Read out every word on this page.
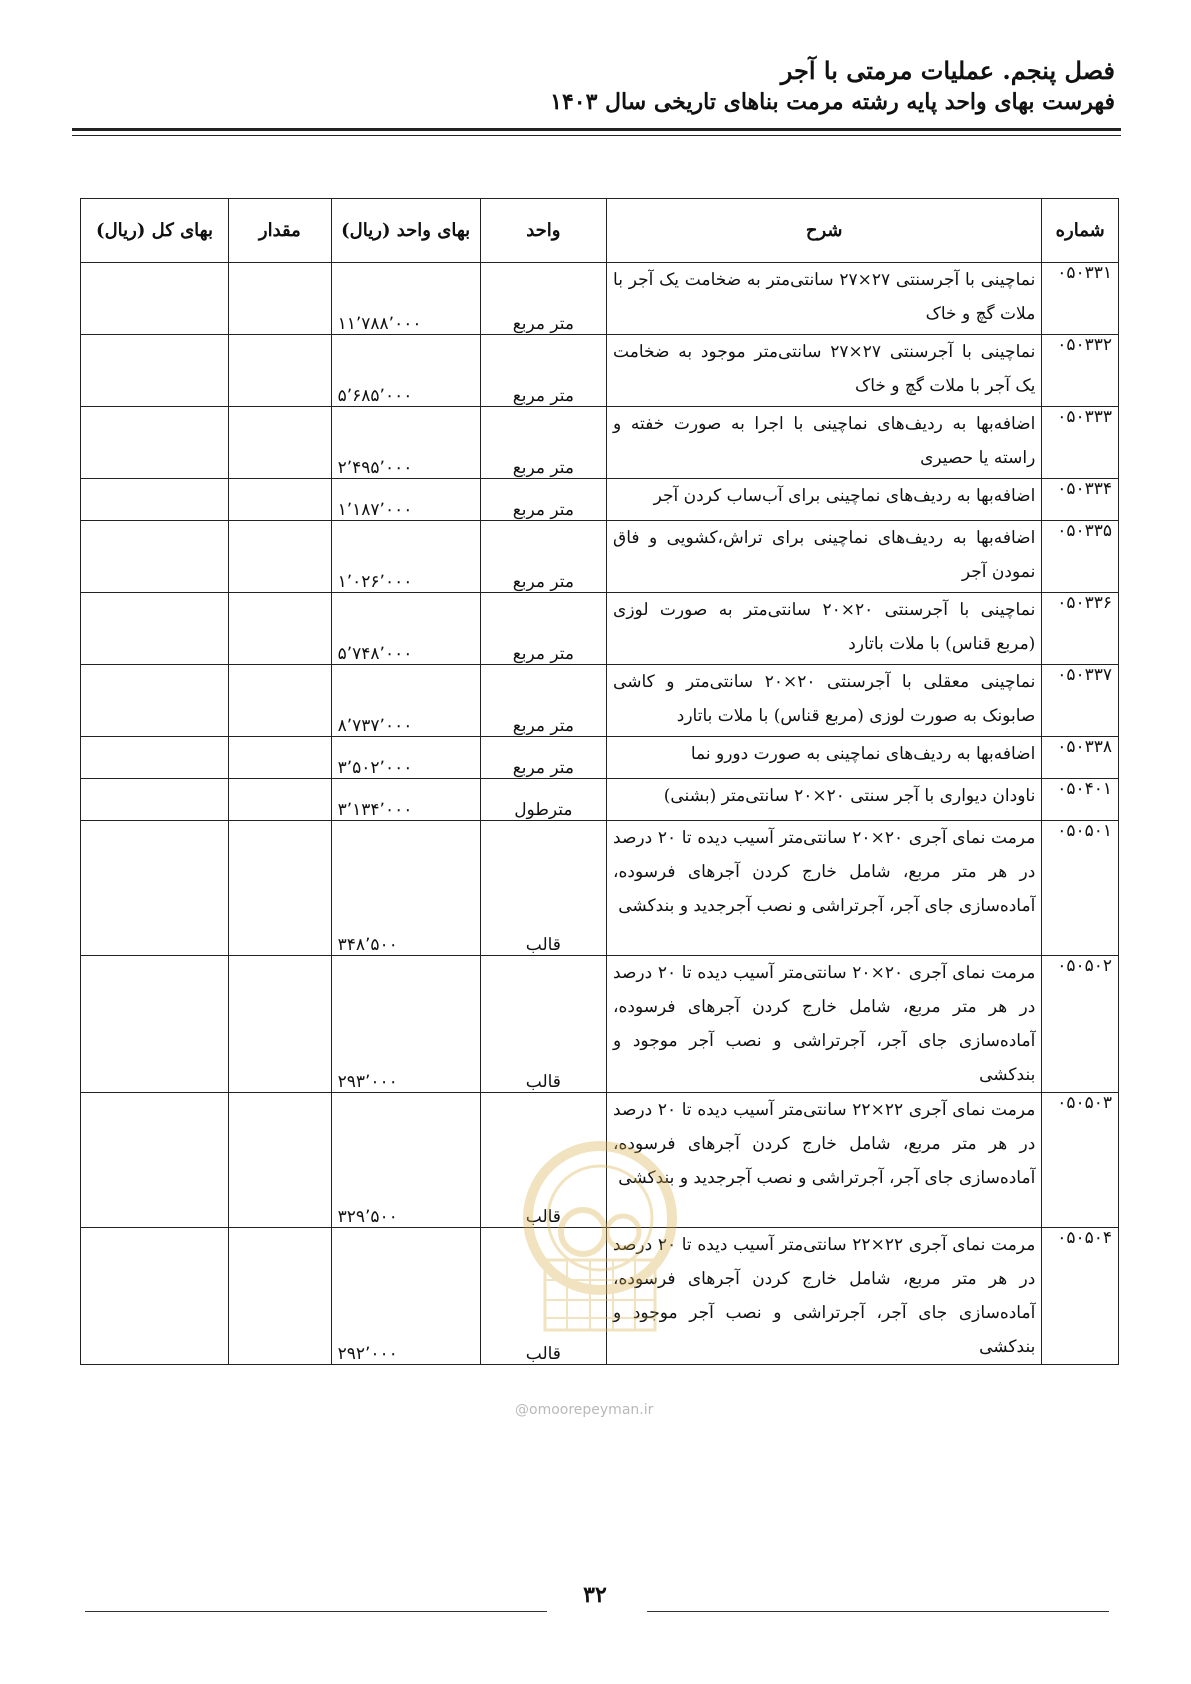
فصل پنجم. عملیات مرمتی با آجر
فهرست بهای واحد پایه رشته مرمت بناهای تاریخی سال ۱۴۰۳
شماره	شرح	واحد	بهای واحد (ریال)	مقدار	بهای کل (ریال)
۰۵۰۳۳۱	نماچینی با آجرسنتی ۲۷×۲۷ سانتی‌متر به ضخامت یک آجر با ملات گچ و خاک	متر مربع	۱۱٬۷۸۸٬۰۰۰		
۰۵۰۳۳۲	نماچینی با آجرسنتی ۲۷×۲۷ سانتی‌متر موجود به ضخامت یک آجر با ملات گچ و خاک	متر مربع	۵٬۶۸۵٬۰۰۰		
۰۵۰۳۳۳	اضافه‌بها به ردیف‌های نماچینی با اجرا به صورت خفته و راسته یا حصیری	متر مربع	۲٬۴۹۵٬۰۰۰		
۰۵۰۳۳۴	اضافه‌بها به ردیف‌های نماچینی برای آب‌ساب کردن آجر	متر مربع	۱٬۱۸۷٬۰۰۰		
۰۵۰۳۳۵	اضافه‌بها به ردیف‌های نماچینی برای تراش،کشویی و فاق نمودن آجر	متر مربع	۱٬۰۲۶٬۰۰۰		
۰۵۰۳۳۶	نماچینی با آجرسنتی ۲۰×۲۰ سانتی‌متر به صورت لوزی (مربع قناس) با ملات باتارد	متر مربع	۵٬۷۴۸٬۰۰۰		
۰۵۰۳۳۷	نماچینی معقلی با آجرسنتی ۲۰×۲۰ سانتی‌متر و کاشی صابونک به صورت لوزی (مربع قناس) با ملات باتارد	متر مربع	۸٬۷۳۷٬۰۰۰		
۰۵۰۳۳۸	اضافه‌بها به ردیف‌های نماچینی به صورت دورو نما	متر مربع	۳٬۵۰۲٬۰۰۰		
۰۵۰۴۰۱	ناودان دیواری با آجر سنتی ۲۰×۲۰ سانتی‌متر (بشنی)	مترطول	۳٬۱۳۴٬۰۰۰		
۰۵۰۵۰۱	مرمت نمای آجری ۲۰×۲۰ سانتی‌متر آسیب دیده تا ۲۰ درصد در هر متر مربع، شامل خارج کردن آجرهای فرسوده، آماده‌سازی جای آجر، آجرتراشی و نصب آجرجدید و بندکشی	قالب	۳۴۸٬۵۰۰		
۰۵۰۵۰۲	مرمت نمای آجری ۲۰×۲۰ سانتی‌متر آسیب دیده تا ۲۰ درصد در هر متر مربع، شامل خارج کردن آجرهای فرسوده، آماده‌سازی جای آجر، آجرتراشی و نصب آجر موجود و بندکشی	قالب	۲۹۳٬۰۰۰		
۰۵۰۵۰۳	مرمت نمای آجری ۲۲×۲۲ سانتی‌متر آسیب دیده تا ۲۰ درصد در هر متر مربع، شامل خارج کردن آجرهای فرسوده، آماده‌سازی جای آجر، آجرتراشی و نصب آجرجدید و بندکشی	قالب	۳۲۹٬۵۰۰		
۰۵۰۵۰۴	مرمت نمای آجری ۲۲×۲۲ سانتی‌متر آسیب دیده تا ۲۰ درصد در هر متر مربع، شامل خارج کردن آجرهای فرسوده، آماده‌سازی جای آجر، آجرتراشی و نصب آجر موجود و بندکشی	قالب	۲۹۲٬۰۰۰		
@omoorepeyman.ir
۳۲
